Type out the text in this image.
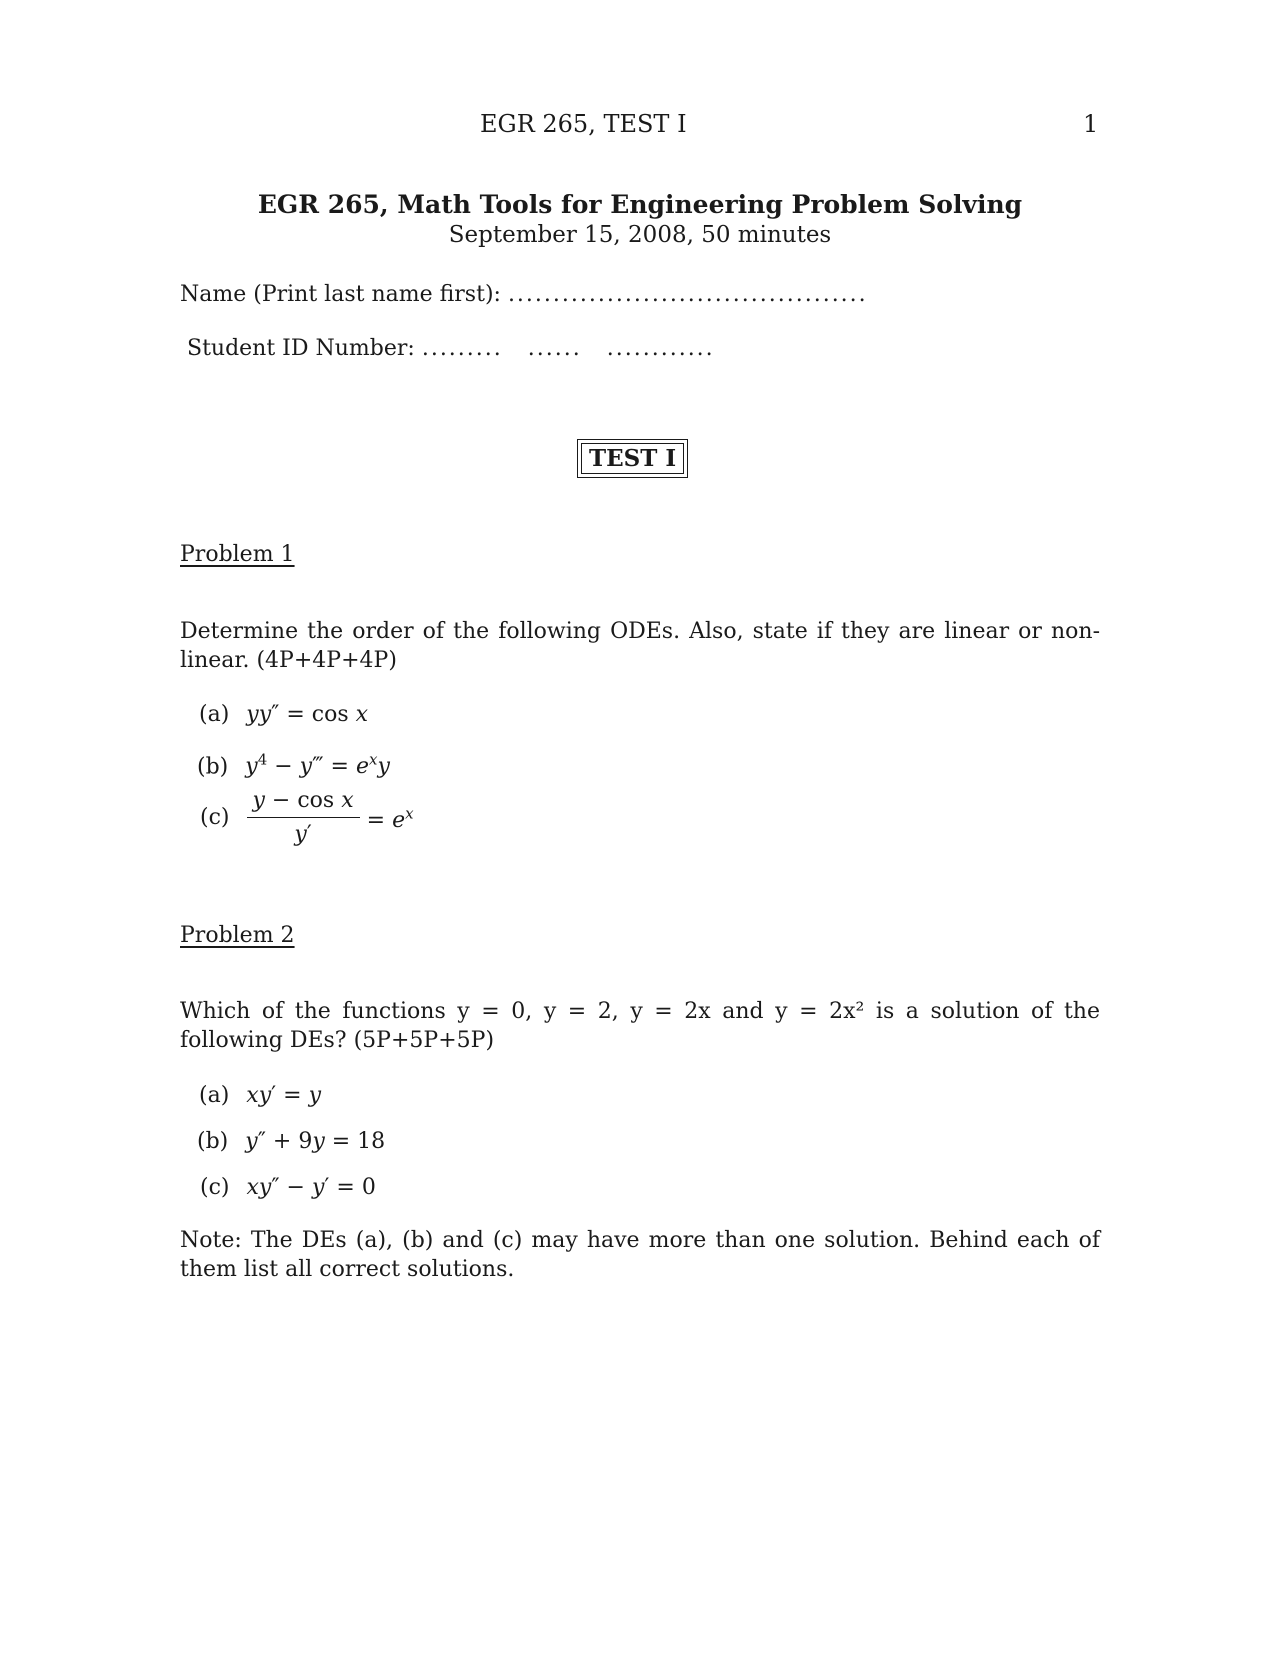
EGR 265, TEST I	1
EGR 265, Math Tools for Engineering Problem Solving
September 15, 2008, 50 minutes
Name (Print last name first): ........................................
Student ID Number: ......... ...... ............
TEST I
Problem 1
Determine the order of the following ODEs. Also, state if they are linear or non-linear. (4P+4P+4P)
(a) yy″ = cos x
(b) $y^4$ − y‴ = $e^xy$
$(c) \frac{\text{y − cos x}}{y'} = e^x$
Problem 2
Which of the functions y = 0, y = 2, y = 2x and y = 2x² is a solution of the following DEs? (5P+5P+5P)
(a) xy′ = y
(b) y″ + 9y = 18
(c) xy″ − y′ = 0
Note: The DEs (a), (b) and (c) may have more than one solution. Behind each of them list all correct solutions.
